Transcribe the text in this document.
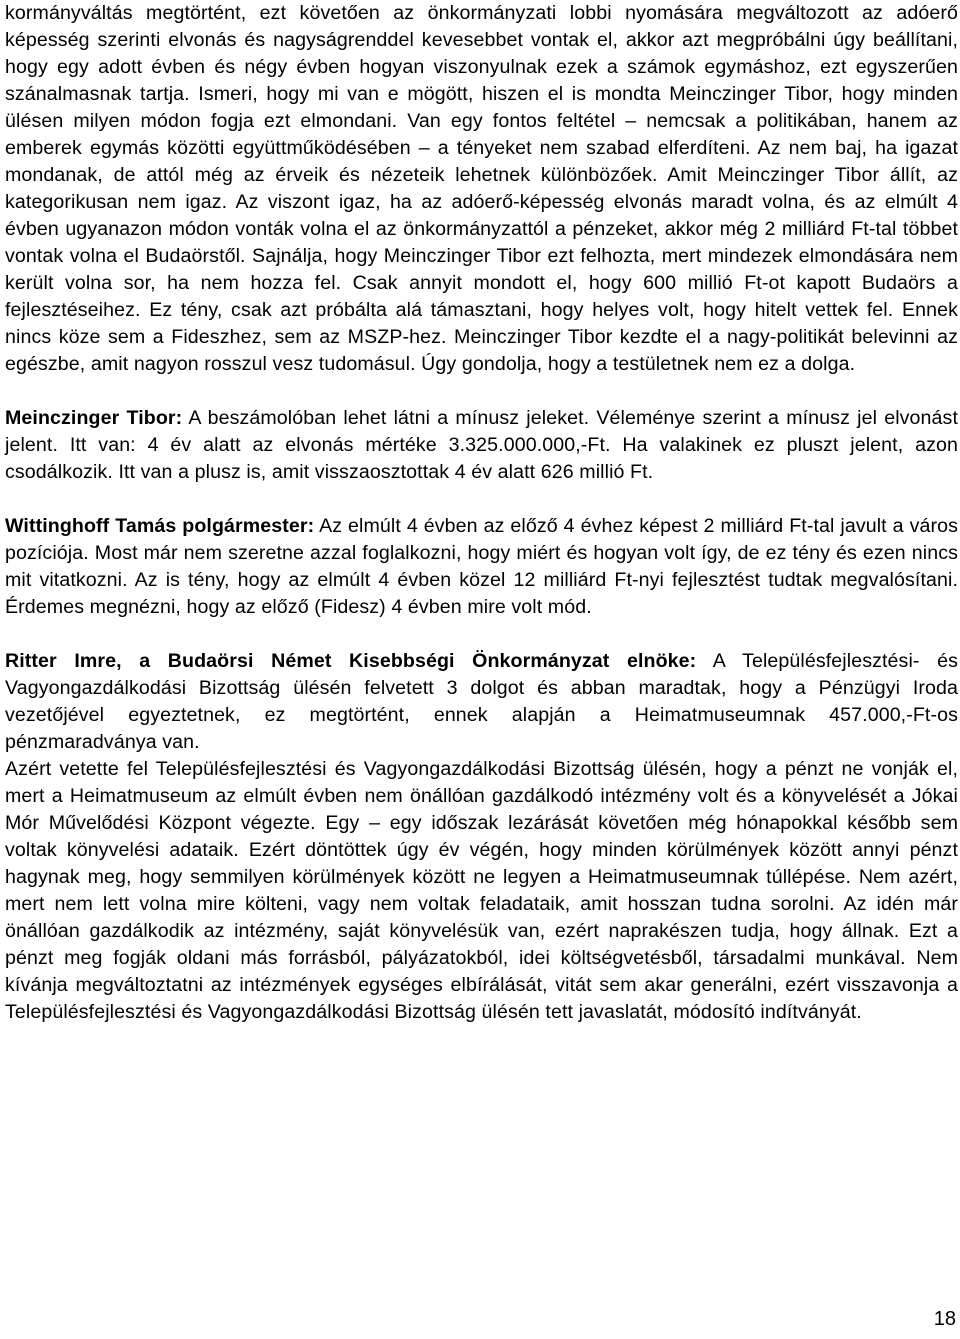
kormányváltás megtörtént, ezt követően az önkormányzati lobbi nyomására megváltozott az adóerő képesség szerinti elvonás és nagyságrenddel kevesebbet vontak el, akkor azt megpróbálni úgy beállítani, hogy egy adott évben és négy évben hogyan viszonyulnak ezek a számok egymáshoz, ezt egyszerűen szánalmasnak tartja. Ismeri, hogy mi van e mögött, hiszen el is mondta Meinczinger Tibor, hogy minden ülésen milyen módon fogja ezt elmondani. Van egy fontos feltétel – nemcsak a politikában, hanem az emberek egymás közötti együttműködésében – a tényeket nem szabad elferdíteni. Az nem baj, ha igazat mondanak, de attól még az érveik és nézeteik lehetnek különbözőek. Amit Meinczinger Tibor állít, az kategorikusan nem igaz. Az viszont igaz, ha az adóerő-képesség elvonás maradt volna, és az elmúlt 4 évben ugyanazon módon vonták volna el az önkormányzattól a pénzeket, akkor még 2 milliárd Ft-tal többet vontak volna el Budaörstől. Sajnálja, hogy Meinczinger Tibor ezt felhozta, mert mindezek elmondására nem került volna sor, ha nem hozza fel. Csak annyit mondott el, hogy 600 millió Ft-ot kapott Budaörs a fejlesztéseihez. Ez tény, csak azt próbálta alá támasztani, hogy helyes volt, hogy hitelt vettek fel. Ennek nincs köze sem a Fideszhez, sem az MSZP-hez. Meinczinger Tibor kezdte el a nagy-politikát belevinni az egészbe, amit nagyon rosszul vesz tudomásul. Úgy gondolja, hogy a testületnek nem ez a dolga.

Meinczinger Tibor: A beszámolóban lehet látni a mínusz jeleket. Véleménye szerint a mínusz jel elvonást jelent. Itt van: 4 év alatt az elvonás mértéke 3.325.000.000,-Ft. Ha valakinek ez pluszt jelent, azon csodálkozik. Itt van a plusz is, amit visszaosztottak 4 év alatt 626 millió Ft.

Wittinghoff Tamás polgármester: Az elmúlt 4 évben az előző 4 évhez képest 2 milliárd Ft-tal javult a város pozíciója. Most már nem szeretne azzal foglalkozni, hogy miért és hogyan volt így, de ez tény és ezen nincs mit vitatkozni. Az is tény, hogy az elmúlt 4 évben közel 12 milliárd Ft-nyi fejlesztést tudtak megvalósítani. Érdemes megnézni, hogy az előző (Fidesz) 4 évben mire volt mód.

Ritter Imre, a Budaörsi Német Kisebbségi Önkormányzat elnöke: A Településfejlesztési- és Vagyongazdálkodási Bizottság ülésén felvetett 3 dolgot és abban maradtak, hogy a Pénzügyi Iroda vezetőjével egyeztetnek, ez megtörtént, ennek alapján a Heimatmuseumnak 457.000,-Ft-os pénzmaradványa van.

Azért vetette fel Településfejlesztési és Vagyongazdálkodási Bizottság ülésén, hogy a pénzt ne vonják el, mert a Heimatmuseum az elmúlt évben nem önállóan gazdálkodó intézmény volt és a könyvelését a Jókai Mór Művelődési Központ végezte. Egy – egy időszak lezárását követően még hónapokkal később sem voltak könyvelési adataik. Ezért döntöttek úgy év végén, hogy minden körülmények között annyi pénzt hagynak meg, hogy semmilyen körülmények között ne legyen a Heimatmuseumnak túllépése. Nem azért, mert nem lett volna mire költeni, vagy nem voltak feladataik, amit hosszan tudna sorolni. Az idén már önállóan gazdálkodik az intézmény, saját könyvelésük van, ezért naprakészen tudja, hogy állnak. Ezt a pénzt meg fogják oldani más forrásból, pályázatokból, idei költségvetésből, társadalmi munkával. Nem kívánja megváltoztatni az intézmények egységes elbírálását, vitát sem akar generálni, ezért visszavonja a Településfejlesztési és Vagyongazdálkodási Bizottság ülésén tett javaslatát, módosító indítványát.

18
